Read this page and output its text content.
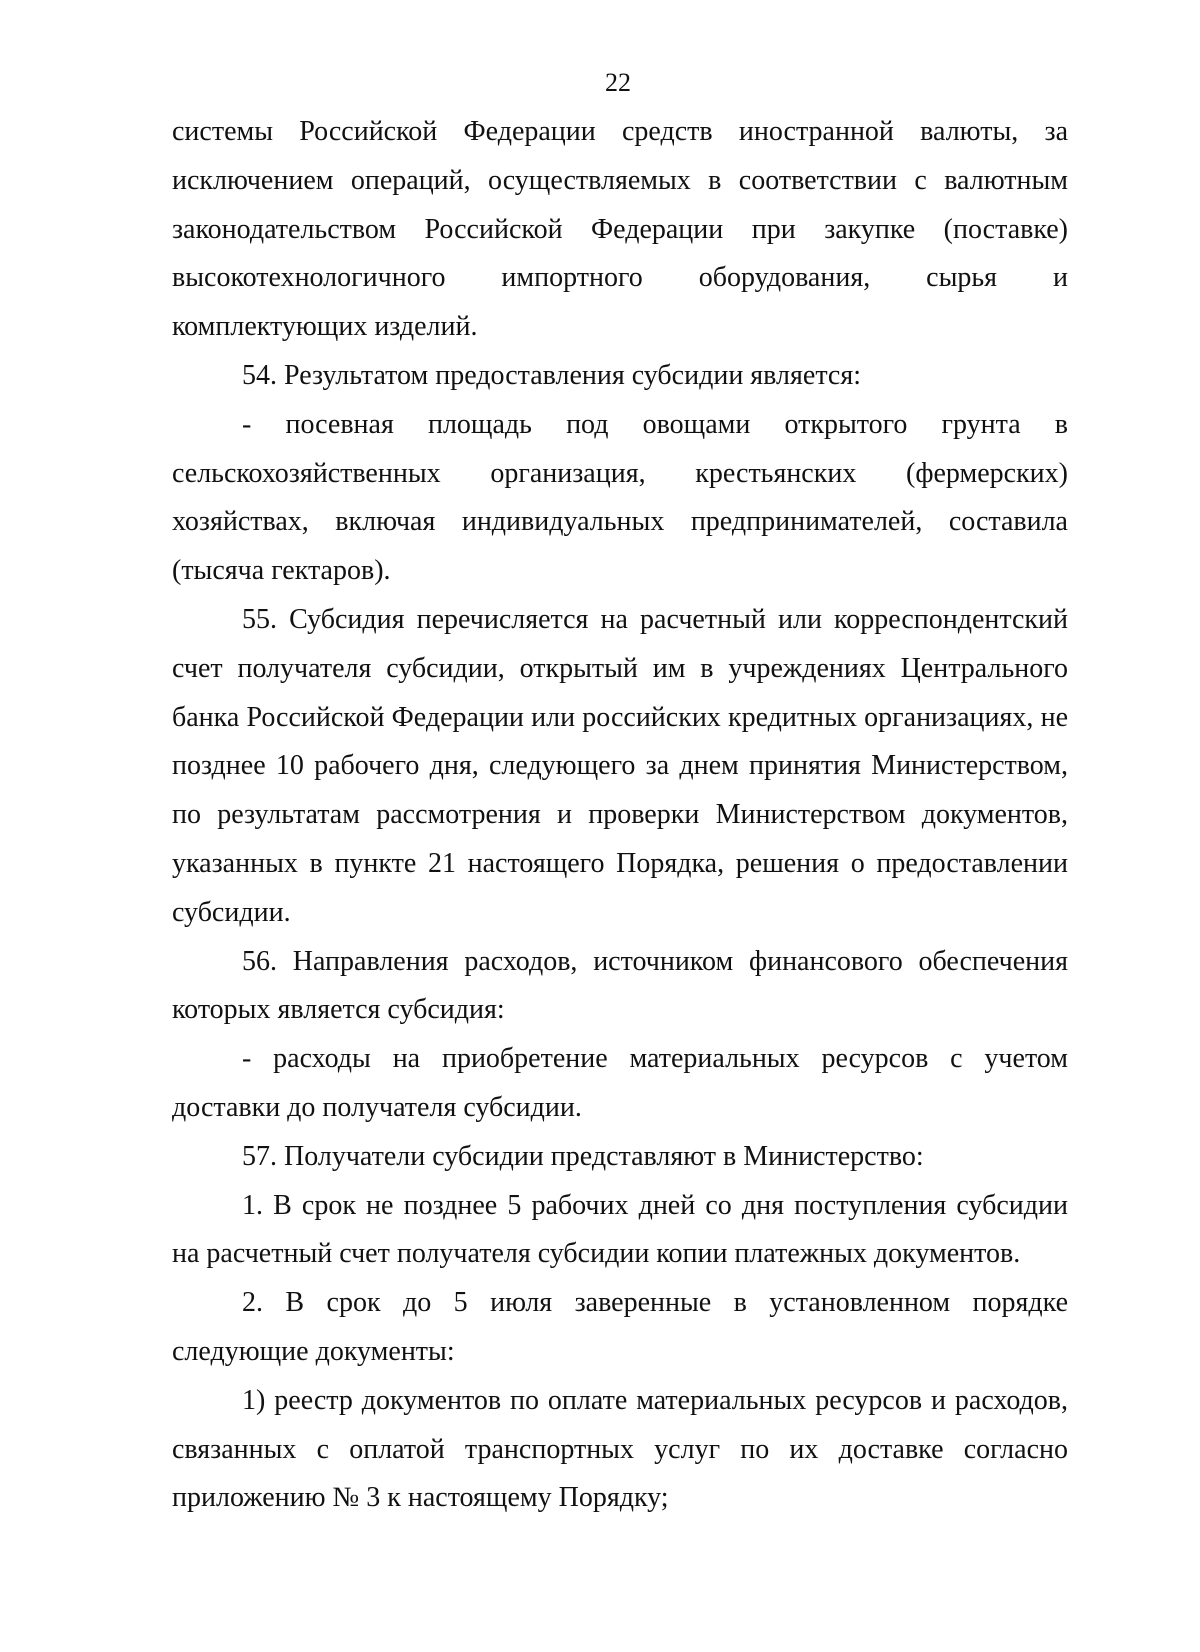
22

системы Российской Федерации средств иностранной валюты, за исключением операций, осуществляемых в соответствии с валютным законодательством Российской Федерации при закупке (поставке) высокотехнологичного импортного оборудования, сырья и комплектующих изделий.

54. Результатом предоставления субсидии является:

- посевная площадь под овощами открытого грунта в сельскохозяйственных организация, крестьянских (фермерских) хозяйствах, включая индивидуальных предпринимателей, составила (тысяча гектаров).

55. Субсидия перечисляется на расчетный или корреспондентский счет получателя субсидии, открытый им в учреждениях Центрального банка Российской Федерации или российских кредитных организациях, не позднее 10 рабочего дня, следующего за днем принятия Министерством, по результатам рассмотрения и проверки Министерством документов, указанных в пункте 21 настоящего Порядка, решения о предоставлении субсидии.

56. Направления расходов, источником финансового обеспечения которых является субсидия:

- расходы на приобретение материальных ресурсов с учетом доставки до получателя субсидии.

57. Получатели субсидии представляют в Министерство:

1. В срок не позднее 5 рабочих дней со дня поступления субсидии на расчетный счет получателя субсидии копии платежных документов.

2. В срок до 5 июля заверенные в установленном порядке следующие документы:

1) реестр документов по оплате материальных ресурсов и расходов, связанных с оплатой транспортных услуг по их доставке согласно приложению № 3 к настоящему Порядку;
